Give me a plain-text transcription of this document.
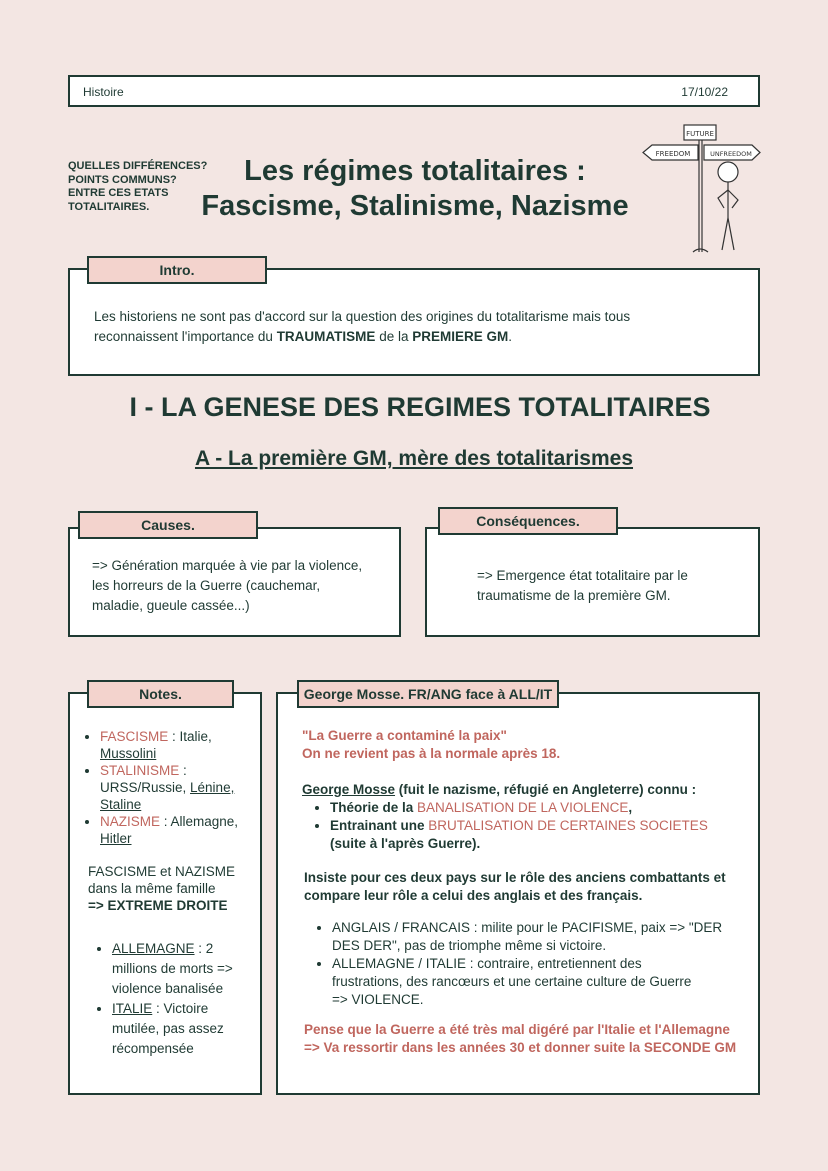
Histoire	17/10/22
QUELLES DIFFÉRENCES?
POINTS COMMUNS?
ENTRE CES ETATS
TOTALITAIRES.
Les régimes totalitaires :
Fascisme, Stalinisme, Nazisme
FUTURE
FREEDOM	UNFREEDOM
Les historiens ne sont pas d'accord sur la question des origines du totalitarisme mais tous
reconnaissent l'importance du TRAUMATISME de la PREMIERE GM.
Intro.
I - LA GENESE DES REGIMES TOTALITAIRES
A - La première GM, mère des totalitarismes
=> Génération marquée à vie par la violence,
les horreurs de la Guerre (cauchemar,
maladie, gueule cassée...)
Causes.
=> Emergence état totalitaire par le
traumatisme de la première GM.
Conséquences.
• FASCISME : Italie,
Mussolini
• STALINISME :
URSS/Russie, Lénine,
Staline
• NAZISME : Allemagne,
Hitler
FASCISME et NAZISME
dans la même famille
=> EXTREME DROITE
• ALLEMAGNE : 2
millions de morts =>
violence banalisée
• ITALIE : Victoire
mutilée, pas assez
récompensée
Notes.
"La Guerre a contaminé la paix"
On ne revient pas à la normale après 18.
George Mosse (fuit le nazisme, réfugié en Angleterre) connu :
• Théorie de la BANALISATION DE LA VIOLENCE,
• Entrainant une BRUTALISATION DE CERTAINES SOCIETES
(suite à l'après Guerre).
Insiste pour ces deux pays sur le rôle des anciens combattants et
compare leur rôle a celui des anglais et des français.
• ANGLAIS / FRANCAIS : milite pour le PACIFISME, paix => "DER
DES DER", pas de triomphe même si victoire.
• ALLEMAGNE / ITALIE : contraire, entretiennent des
frustrations, des rancœurs et une certaine culture de Guerre
=> VIOLENCE.
Pense que la Guerre a été très mal digéré par l'Italie et l'Allemagne
=> Va ressortir dans les années 30 et donner suite la SECONDE GM
George Mosse. FR/ANG face à ALL/IT
